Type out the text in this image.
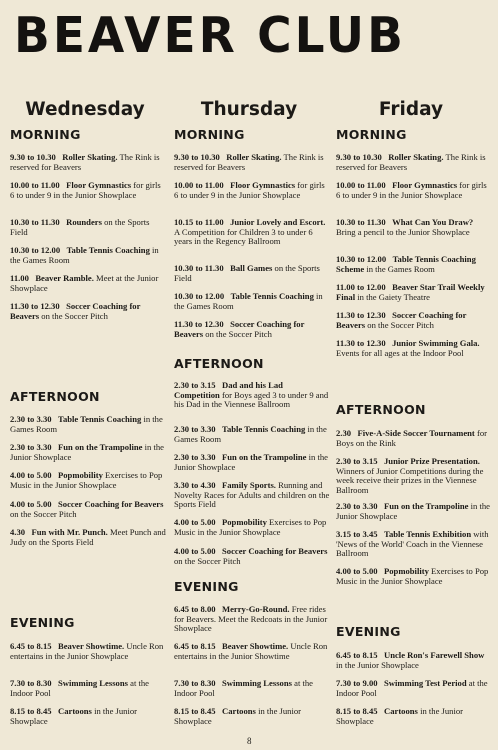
BEAVER CLUB
Wednesday
MORNING

9.30 to 10.30 Roller Skating. The Rink is reserved for Beavers

10.00 to 11.00 Floor Gymnastics for girls 6 to under 9 in the Junior Showplace

10.30 to 11.30 Rounders on the Sports Field

10.30 to 12.00 Table Tennis Coaching in the Games Room

11.00 Beaver Ramble. Meet at the Junior Showplace

11.30 to 12.30 Soccer Coaching for Beavers on the Soccer Pitch

AFTERNOON

2.30 to 3.30 Table Tennis Coaching in the Games Room

2.30 to 3.30 Fun on the Trampoline in the Junior Showplace

4.00 to 5.00 Popmobility Exercises to Pop Music in the Junior Showplace

4.00 to 5.00 Soccer Coaching for Beavers on the Soccer Pitch

4.30 Fun with Mr. Punch. Meet Punch and Judy on the Sports Field

EVENING

6.45 to 8.15 Beaver Showtime. Uncle Ron entertains in the Junior Showplace

7.30 to 8.30 Swimming Lessons at the Indoor Pool

8.15 to 8.45 Cartoons in the Junior Showplace

Thursday
MORNING

9.30 to 10.30 Roller Skating. The Rink is reserved for Beavers

10.00 to 11.00 Floor Gymnastics for girls 6 to under 9 in the Junior Showplace

10.15 to 11.00 Junior Lovely and Escort. A Competition for Children 3 to under 6 years in the Regency Ballroom

10.30 to 11.30 Ball Games on the Sports Field

10.30 to 12.00 Table Tennis Coaching in the Games Room

11.30 to 12.30 Soccer Coaching for Beavers on the Soccer Pitch

AFTERNOON

2.30 to 3.15 Dad and his Lad Competition for Boys aged 3 to under 9 and his Dad in the Viennese Ballroom

2.30 to 3.30 Table Tennis Coaching in the Games Room

2.30 to 3.30 Fun on the Trampoline in the Junior Showplace

3.30 to 4.30 Family Sports. Running and Novelty Races for Adults and children on the Sports Field

4.00 to 5.00 Popmobility Exercises to Pop Music in the Junior Showplace

4.00 to 5.00 Soccer Coaching for Beavers on the Soccer Pitch

EVENING

6.45 to 8.00 Merry-Go-Round. Free rides for Beavers. Meet the Redcoats in the Junior Showplace

6.45 to 8.15 Beaver Showtime. Uncle Ron entertains in the Junior Showtime

7.30 to 8.30 Swimming Lessons at the Indoor Pool

8.15 to 8.45 Cartoons in the Junior Showplace

Friday
MORNING

9.30 to 10.30 Roller Skating. The Rink is reserved for Beavers

10.00 to 11.00 Floor Gymnastics for girls 6 to under 9 in the Junior Showplace

10.30 to 11.30 What Can You Draw? Bring a pencil to the Junior Showplace

10.30 to 12.00 Table Tennis Coaching Scheme in the Games Room

11.00 to 12.00 Beaver Star Trail Weekly Final in the Gaiety Theatre

11.30 to 12.30 Soccer Coaching for Beavers on the Soccer Pitch

11.30 to 12.30 Junior Swimming Gala. Events for all ages at the Indoor Pool

AFTERNOON

2.30 Five-A-Side Soccer Tournament for Boys on the Rink

2.30 to 3.15 Junior Prize Presentation. Winners of Junior Competitions during the week receive their prizes in the Viennese Ballroom

2.30 to 3.30 Fun on the Trampoline in the Junior Showplace

3.15 to 3.45 Table Tennis Exhibition with 'News of the World' Coach in the Viennese Ballroom

4.00 to 5.00 Popmobility Exercises to Pop Music in the Junior Showplace

EVENING

6.45 to 8.15 Uncle Ron's Farewell Show in the Junior Showplace

7.30 to 9.00 Swimming Test Period at the Indoor Pool

8.15 to 8.45 Cartoons in the Junior Showplace

8
